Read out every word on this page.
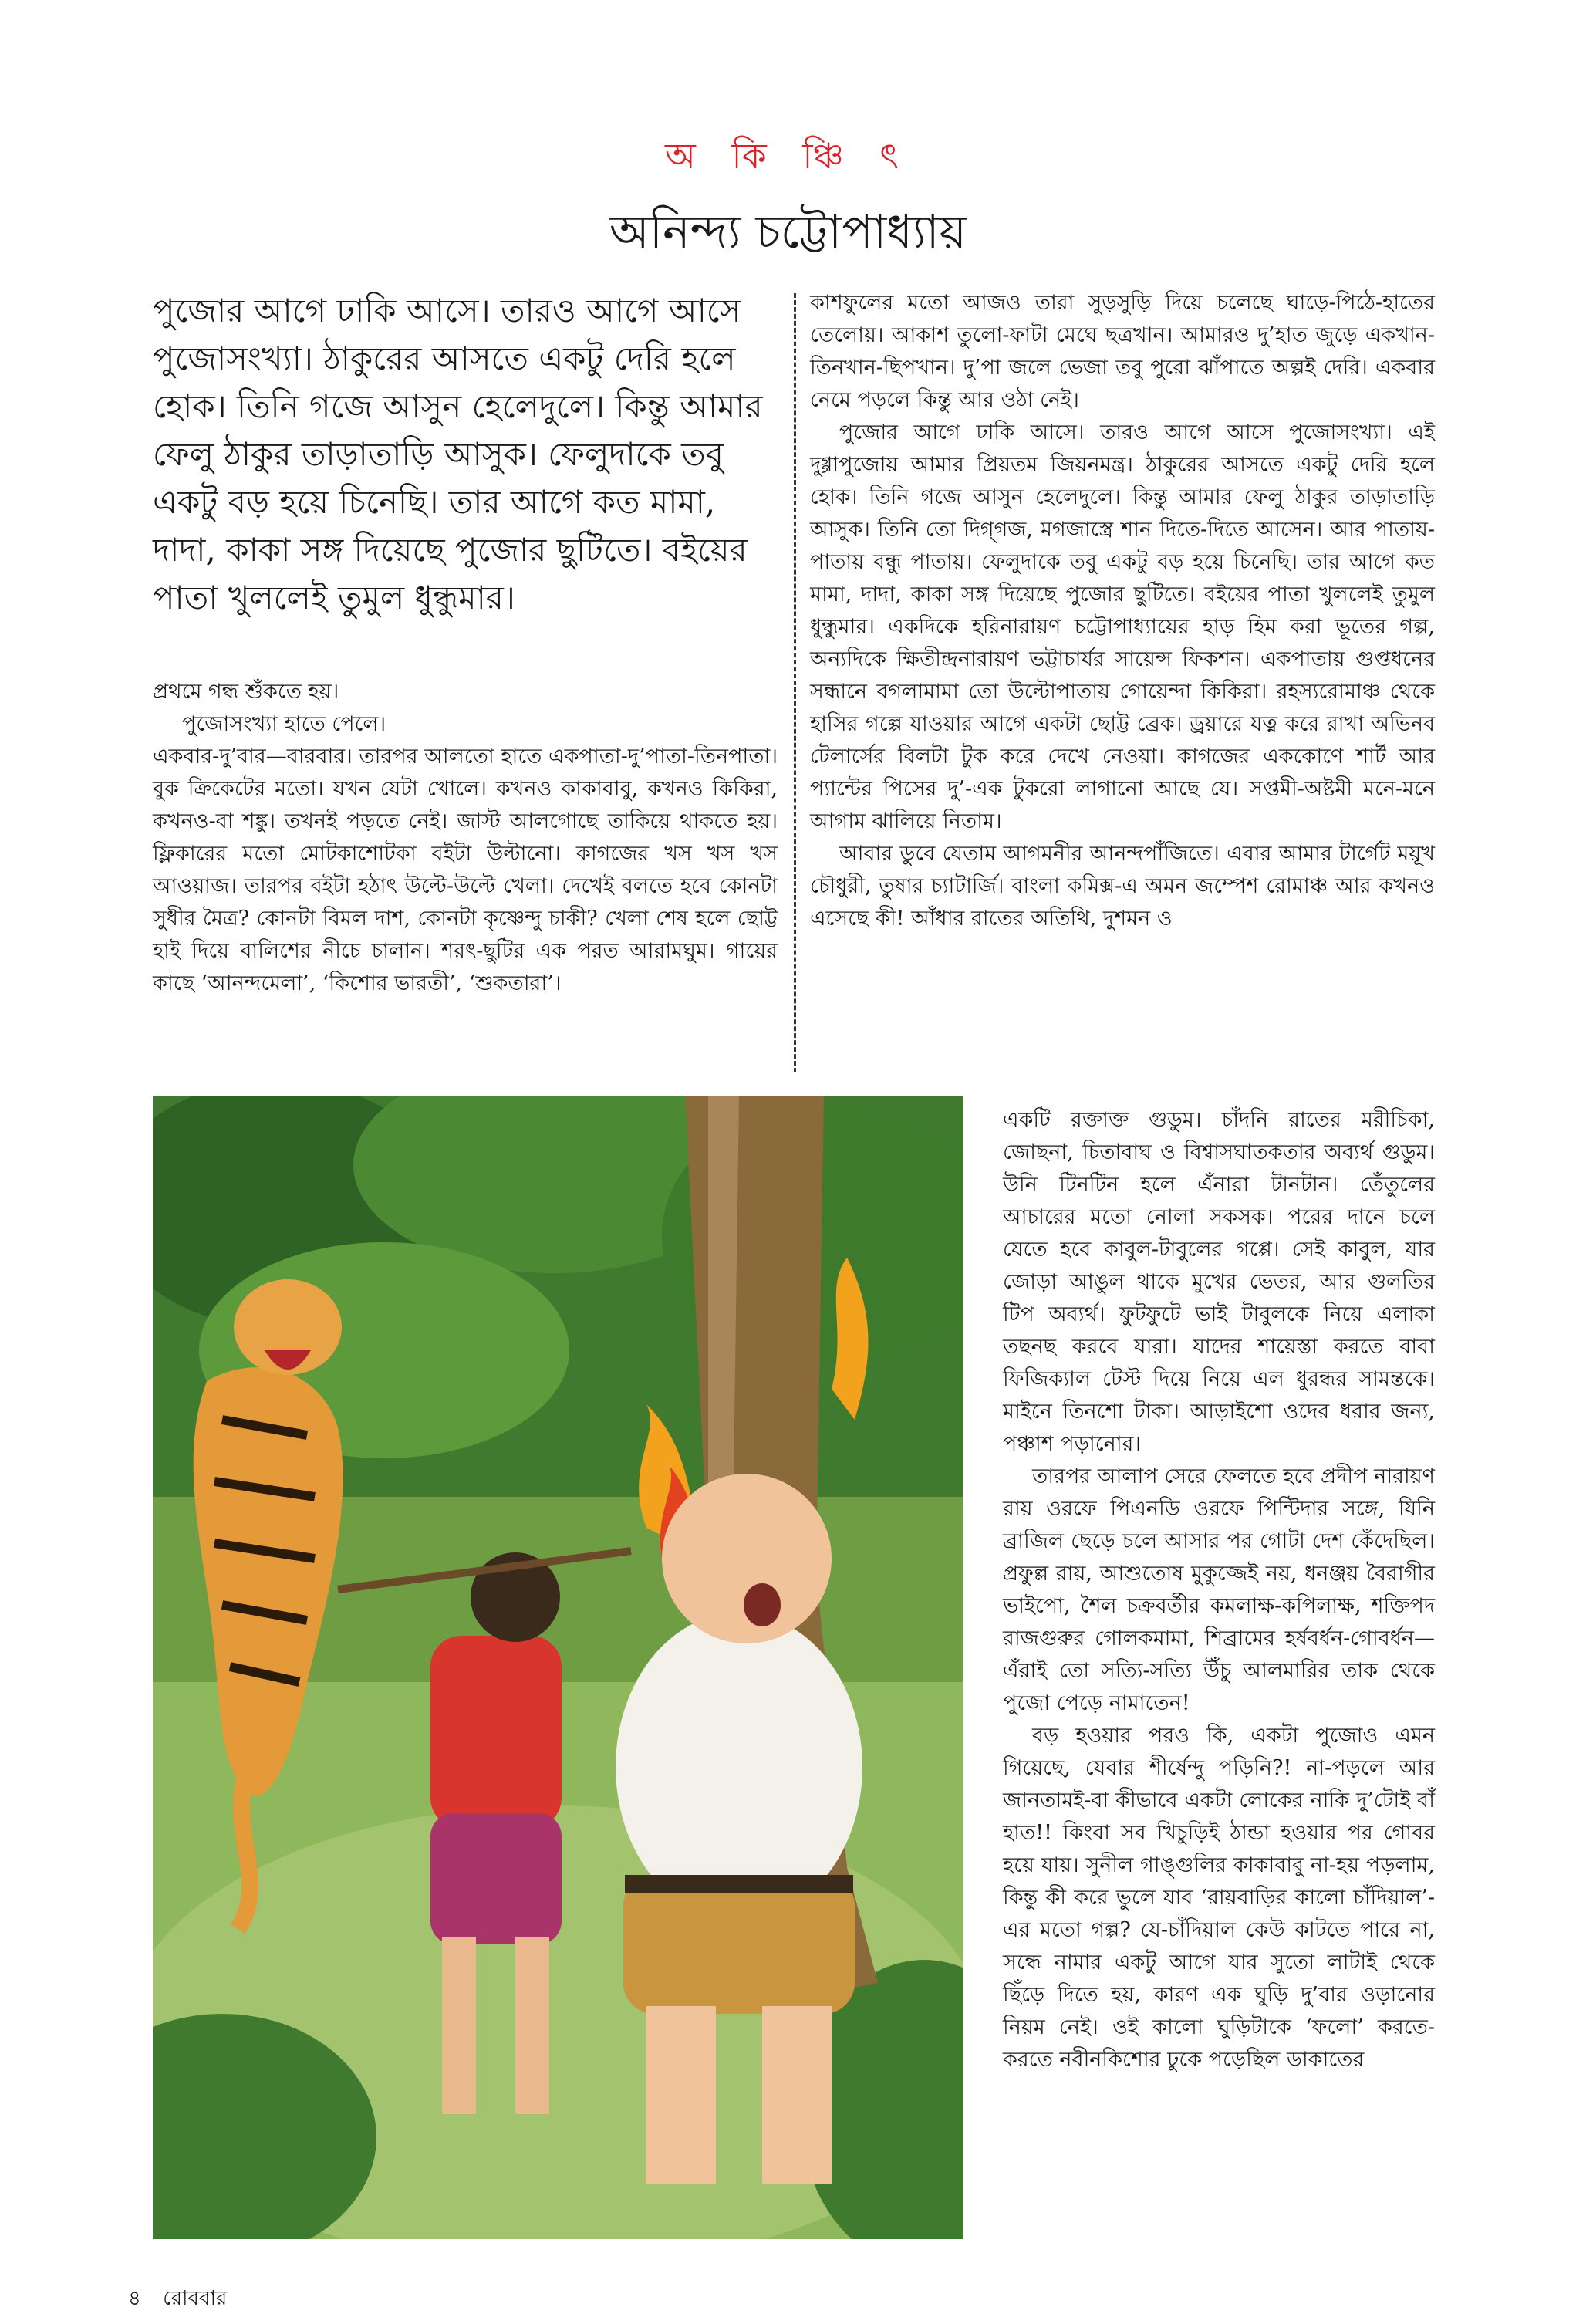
অ কি ঞ্চি ৎ
অনিন্দ্য চট্টোপাধ্যায়

পুজোর আগে ঢাকি আসে। তারও আগে আসে পুজোসংখ্যা। ঠাকুরের আসতে একটু দেরি হলে হোক। তিনি গজে আসুন হেলেদুলে। কিন্তু আমার ফেলু ঠাকুর তাড়াতাড়ি আসুক। ফেলুদাকে তবু একটু বড় হয়ে চিনেছি। তার আগে কত মামা, দাদা, কাকা সঙ্গ দিয়েছে পুজোর ছুটিতে। বইয়ের পাতা খুললেই তুমুল ধুন্ধুমার।

প্রথমে গন্ধ শুঁকতে হয়।

পুজোসংখ্যা হাতে পেলে।

একবার-দু’বার—বারবার। তারপর আলতো হাতে একপাতা-দু’পাতা-তিনপাতা। বুক ক্রিকেটের মতো। যখন যেটা খোলে। কখনও কাকাবাবু, কখনও কিকিরা, কখনও-বা শঙ্কু। তখনই পড়তে নেই। জাস্ট আলগোছে তাকিয়ে থাকতে হয়। ফ্লিকারের মতো মোটকাশোটকা বইটা উল্টানো। কাগজের খস খস খস আওয়াজ। তারপর বইটা হঠাৎ উল্টে-উল্টে খেলা। দেখেই বলতে হবে কোনটা সুধীর মৈত্র? কোনটা বিমল দাশ, কোনটা কৃষ্ণেন্দু চাকী? খেলা শেষ হলে ছোট্ট হাই দিয়ে বালিশের নীচে চালান। শরৎ-ছুটির এক পরত আরামঘুম। গায়ের কাছে ‘আনন্দমেলা’, ‘কিশোর ভারতী’, ‘শুকতারা’।

কাশফুলের মতো আজও তারা সুড়সুড়ি দিয়ে চলেছে ঘাড়ে-পিঠে-হাতের তেলোয়। আকাশ তুলো-ফাটা মেঘে ছত্রখান। আমারও দু’হাত জুড়ে একখান-তিনখান-ছিপখান। দু’পা জলে ভেজা তবু পুরো ঝাঁপাতে অল্পই দেরি। একবার নেমে পড়লে কিন্তু আর ওঠা নেই।

পুজোর আগে ঢাকি আসে। তারও আগে আসে পুজোসংখ্যা। এই দুগ্গাপুজোয় আমার প্রিয়তম জিয়নমন্ত্র। ঠাকুরের আসতে একটু দেরি হলে হোক। তিনি গজে আসুন হেলেদুলে। কিন্তু আমার ফেলু ঠাকুর তাড়াতাড়ি আসুক। তিনি তো দিগ্‌গজ, মগজাস্ত্রে শান দিতে-দিতে আসেন। আর পাতায়-পাতায় বন্ধু পাতায়। ফেলুদাকে তবু একটু বড় হয়ে চিনেছি। তার আগে কত মামা, দাদা, কাকা সঙ্গ দিয়েছে পুজোর ছুটিতে। বইয়ের পাতা খুললেই তুমুল ধুন্ধুমার। একদিকে হরিনারায়ণ চট্টোপাধ্যায়ের হাড় হিম করা ভূতের গল্প, অন্যদিকে ক্ষিতীন্দ্রনারায়ণ ভট্টাচার্যর সায়েন্স ফিকশন। একপাতায় গুপ্তধনের সন্ধানে বগলামামা তো উল্টোপাতায় গোয়েন্দা কিকিরা। রহস্যরোমাঞ্চ থেকে হাসির গল্পে যাওয়ার আগে একটা ছোট্ট ব্রেক। ড্রয়ারে যত্ন করে রাখা অভিনব টেলার্সের বিলটা টুক করে দেখে নেওয়া। কাগজের এককোণে শার্ট আর প্যান্টের পিসের দু’-এক টুকরো লাগানো আছে যে। সপ্তমী-অষ্টমী মনে-মনে আগাম ঝালিয়ে নিতাম।

আবার ডুবে যেতাম আগমনীর আনন্দপাঁজিতে। এবার আমার টার্গেট ময়ূখ চৌধুরী, তুষার চ্যাটার্জি। বাংলা কমিক্স-এ অমন জম্পেশ রোমাঞ্চ আর কখনও এসেছে কী! আঁধার রাতের অতিথি, দুশমন ও

একটি রক্তাক্ত গুডুম। চাঁদনি রাতের মরীচিকা, জোছনা, চিতাবাঘ ও বিশ্বাসঘাতকতার অব্যর্থ গুডুম। উনি টিনটিন হলে এঁনারা টানটান। তেঁতুলের আচারের মতো নোলা সকসক। পরের দানে চলে যেতে হবে কাবুল-টাবুলের গপ্পে। সেই কাবুল, যার জোড়া আঙুল থাকে মুখের ভেতর, আর গুলতির টিপ অব্যর্থ। ফুটফুটে ভাই টাবুলকে নিয়ে এলাকা তছনছ করবে যারা। যাদের শায়েস্তা করতে বাবা ফিজিক্যাল টেস্ট দিয়ে নিয়ে এল ধুরন্ধর সামন্তকে। মাইনে তিনশো টাকা। আড়াইশো ওদের ধরার জন্য, পঞ্চাশ পড়ানোর।

তারপর আলাপ সেরে ফেলতে হবে প্রদীপ নারায়ণ রায় ওরফে পিএনডি ওরফে পিন্টিদার সঙ্গে, যিনি ব্রাজিল ছেড়ে চলে আসার পর গোটা দেশ কেঁদেছিল। প্রফুল্ল রায়, আশুতোষ মুকুজ্জেই নয়, ধনঞ্জয় বৈরাগীর ভাইপো, শৈল চক্রবর্তীর কমলাক্ষ-কপিলাক্ষ, শক্তিপদ রাজগুরুর গোলকমামা, শিব্রামের হর্ষবর্ধন-গোবর্ধন—এঁরাই তো সত্যি-সত্যি উঁচু আলমারির তাক থেকে পুজো পেড়ে নামাতেন!

বড় হওয়ার পরও কি, একটা পুজোও এমন গিয়েছে, যেবার শীর্ষেন্দু পড়িনি?! না-পড়লে আর জানতামই-বা কীভাবে একটা লোকের নাকি দু’টোই বাঁ হাত!! কিংবা সব খিচুড়িই ঠান্ডা হওয়ার পর গোবর হয়ে যায়। সুনীল গাঙ্গুলির কাকাবাবু না-হয় পড়লাম, কিন্তু কী করে ভুলে যাব ‘রায়বাড়ির কালো চাঁদিয়াল’-এর মতো গল্প? যে-চাঁদিয়াল কেউ কাটতে পারে না, সন্ধে নামার একটু আগে যার সুতো লাটাই থেকে ছিঁড়ে দিতে হয়, কারণ এক ঘুড়ি দু’বার ওড়ানোর নিয়ম নেই। ওই কালো ঘুড়িটাকে ‘ফলো’ করতে-করতে নবীনকিশোর ঢুকে পড়েছিল ডাকাতের

৪ রোববার
